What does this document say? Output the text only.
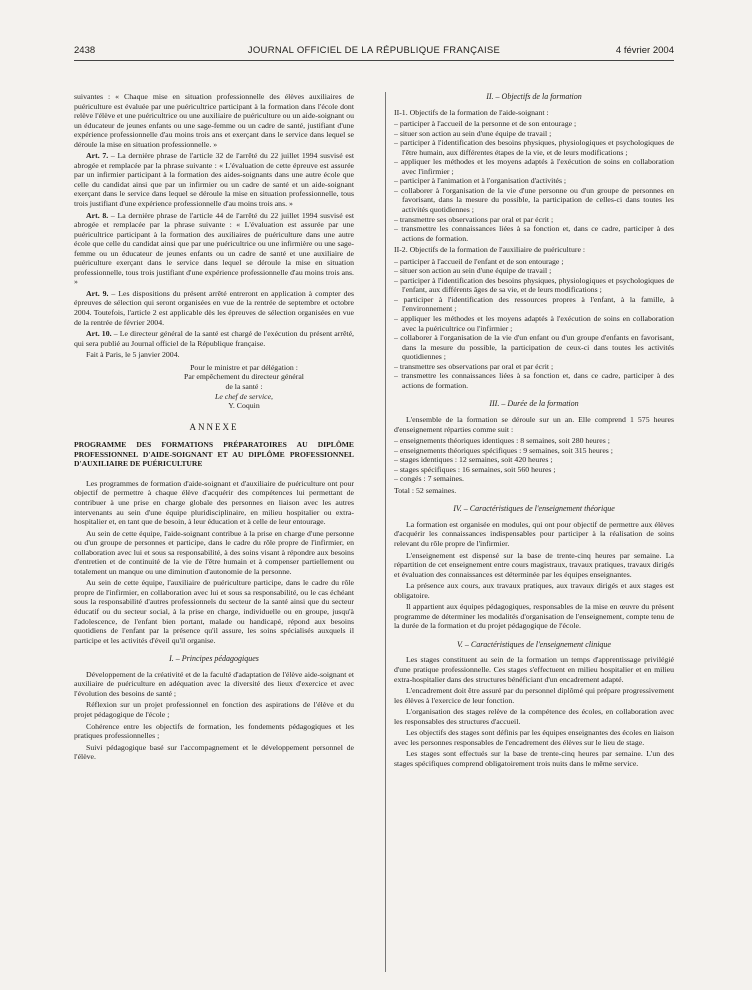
2438	JOURNAL OFFICIEL DE LA RÉPUBLIQUE FRANÇAISE	4 février 2004

suivantes : « Chaque mise en situation professionnelle des élèves auxiliaires de puériculture est évaluée par une puéricultrice participant à la formation dans l'école dont relève l'élève et une puéricultrice ou une auxiliaire de puériculture ou un aide-soignant ou un éducateur de jeunes enfants ou une sage-femme ou un cadre de santé, justifiant d'une expérience professionnelle d'au moins trois ans et exerçant dans le service dans lequel se déroule la mise en situation professionnelle. »

Art. 7. – La dernière phrase de l'article 32 de l'arrêté du 22 juillet 1994 susvisé est abrogée et remplacée par la phrase suivante : « L'évaluation de cette épreuve est assurée par un infirmier participant à la formation des aides-soignants dans une autre école que celle du candidat ainsi que par un infirmier ou un cadre de santé et un aide-soignant exerçant dans le service dans lequel se déroule la mise en situation professionnelle, tous trois justifiant d'une expérience professionnelle d'au moins trois ans. »

Art. 8. – La dernière phrase de l'article 44 de l'arrêté du 22 juillet 1994 susvisé est abrogée et remplacée par la phrase suivante : « L'évaluation est assurée par une puéricultrice participant à la formation des auxiliaires de puériculture dans une autre école que celle du candidat ainsi que par une puéricultrice ou une infirmière ou une sage-femme ou un éducateur de jeunes enfants ou un cadre de santé et une auxiliaire de puériculture exerçant dans le service dans lequel se déroule la mise en situation professionnelle, tous trois justifiant d'une expérience professionnelle d'au moins trois ans. »

Art. 9. – Les dispositions du présent arrêté entreront en application à compter des épreuves de sélection qui seront organisées en vue de la rentrée de septembre et octobre 2004. Toutefois, l'article 2 est applicable dès les épreuves de sélection organisées en vue de la rentrée de février 2004.

Art. 10. – Le directeur général de la santé est chargé de l'exécution du présent arrêté, qui sera publié au Journal officiel de la République française.

Fait à Paris, le 5 janvier 2004.

Pour le ministre et par délégation :
Par empêchement du directeur général
de la santé :
Le chef de service,
Y. Coquin
ANNEXE

PROGRAMME DES FORMATIONS PRÉPARATOIRES AU DIPLÔME PROFESSIONNEL D'AIDE-SOIGNANT ET AU DIPLÔME PROFESSIONNEL D'AUXILIAIRE DE PUÉRICULTURE

Les programmes de formation d'aide-soignant et d'auxiliaire de puériculture ont pour objectif de permettre à chaque élève d'acquérir des compétences lui permettant de contribuer à une prise en charge globale des personnes en liaison avec les autres intervenants au sein d'une équipe pluridisciplinaire, en milieu hospitalier ou extra-hospitalier et, en tant que de besoin, à leur éducation et à celle de leur entourage.

Au sein de cette équipe, l'aide-soignant contribue à la prise en charge d'une personne ou d'un groupe de personnes et participe, dans le cadre du rôle propre de l'infirmier, en collaboration avec lui et sous sa responsabilité, à des soins visant à répondre aux besoins d'entretien et de continuité de la vie de l'être humain et à compenser partiellement ou totalement un manque ou une diminution d'autonomie de la personne.

Au sein de cette équipe, l'auxiliaire de puériculture participe, dans le cadre du rôle propre de l'infirmier, en collaboration avec lui et sous sa responsabilité, ou le cas échéant sous la responsabilité d'autres professionnels du secteur de la santé ainsi que du secteur éducatif ou du secteur social, à la prise en charge, individuelle ou en groupe, jusqu'à l'adolescence, de l'enfant bien portant, malade ou handicapé, répond aux besoins quotidiens de l'enfant par la présence qu'il assure, les soins spécialisés auxquels il participe et les activités d'éveil qu'il organise.

I. – Principes pédagogiques

Développement de la créativité et de la faculté d'adaptation de l'élève aide-soignant et auxiliaire de puériculture en adéquation avec la diversité des lieux d'exercice et avec l'évolution des besoins de santé ;

Réflexion sur un projet professionnel en fonction des aspirations de l'élève et du projet pédagogique de l'école ;

Cohérence entre les objectifs de formation, les fondements pédagogiques et les pratiques professionnelles ;

Suivi pédagogique basé sur l'accompagnement et le développement personnel de l'élève.

II. – Objectifs de la formation

II-1. Objectifs de la formation de l'aide-soignant :

– participer à l'accueil de la personne et de son entourage ;
– situer son action au sein d'une équipe de travail ;
– participer à l'identification des besoins physiques, physiologiques et psychologiques de l'être humain, aux différentes étapes de la vie, et de leurs modifications ;
– appliquer les méthodes et les moyens adaptés à l'exécution de soins en collaboration avec l'infirmier ;
– participer à l'animation et à l'organisation d'activités ;
– collaborer à l'organisation de la vie d'une personne ou d'un groupe de personnes en favorisant, dans la mesure du possible, la participation de celles-ci dans toutes les activités quotidiennes ;
– transmettre ses observations par oral et par écrit ;
– transmettre les connaissances liées à sa fonction et, dans ce cadre, participer à des actions de formation.

II-2. Objectifs de la formation de l'auxiliaire de puériculture :

– participer à l'accueil de l'enfant et de son entourage ;
– situer son action au sein d'une équipe de travail ;
– participer à l'identification des besoins physiques, physiologiques et psychologiques de l'enfant, aux différents âges de sa vie, et de leurs modifications ;
– participer à l'identification des ressources propres à l'enfant, à la famille, à l'environnement ;
– appliquer les méthodes et les moyens adaptés à l'exécution de soins en collaboration avec la puéricultrice ou l'infirmier ;
– collaborer à l'organisation de la vie d'un enfant ou d'un groupe d'enfants en favorisant, dans la mesure du possible, la participation de ceux-ci dans toutes les activités quotidiennes ;
– transmettre ses observations par oral et par écrit ;
– transmettre les connaissances liées à sa fonction et, dans ce cadre, participer à des actions de formation.
III. – Durée de la formation

L'ensemble de la formation se déroule sur un an. Elle comprend 1 575 heures d'enseignement réparties comme suit :

– enseignements théoriques identiques : 8 semaines, soit 280 heures ;
– enseignements théoriques spécifiques : 9 semaines, soit 315 heures ;
– stages identiques : 12 semaines, soit 420 heures ;
– stages spécifiques : 16 semaines, soit 560 heures ;
– congés : 7 semaines.

Total : 52 semaines.

IV. – Caractéristiques de l'enseignement théorique

La formation est organisée en modules, qui ont pour objectif de permettre aux élèves d'acquérir les connaissances indispensables pour participer à la réalisation de soins relevant du rôle propre de l'infirmier.

L'enseignement est dispensé sur la base de trente-cinq heures par semaine. La répartition de cet enseignement entre cours magistraux, travaux pratiques, travaux dirigés et évaluation des connaissances est déterminée par les équipes enseignantes.

La présence aux cours, aux travaux pratiques, aux travaux dirigés et aux stages est obligatoire.

Il appartient aux équipes pédagogiques, responsables de la mise en œuvre du présent programme de déterminer les modalités d'organisation de l'enseignement, compte tenu de la durée de la formation et du projet pédagogique de l'école.

V. – Caractéristiques de l'enseignement clinique

Les stages constituent au sein de la formation un temps d'apprentissage privilégié d'une pratique professionnelle. Ces stages s'effectuent en milieu hospitalier et en milieu extra-hospitalier dans des structures bénéficiant d'un encadrement adapté.

L'encadrement doit être assuré par du personnel diplômé qui prépare progressivement les élèves à l'exercice de leur fonction.

L'organisation des stages relève de la compétence des écoles, en collaboration avec les responsables des structures d'accueil.

Les objectifs des stages sont définis par les équipes enseignantes des écoles en liaison avec les personnes responsables de l'encadrement des élèves sur le lieu de stage.

Les stages sont effectués sur la base de trente-cinq heures par semaine. L'un des stages spécifiques comprend obligatoirement trois nuits dans le même service.
